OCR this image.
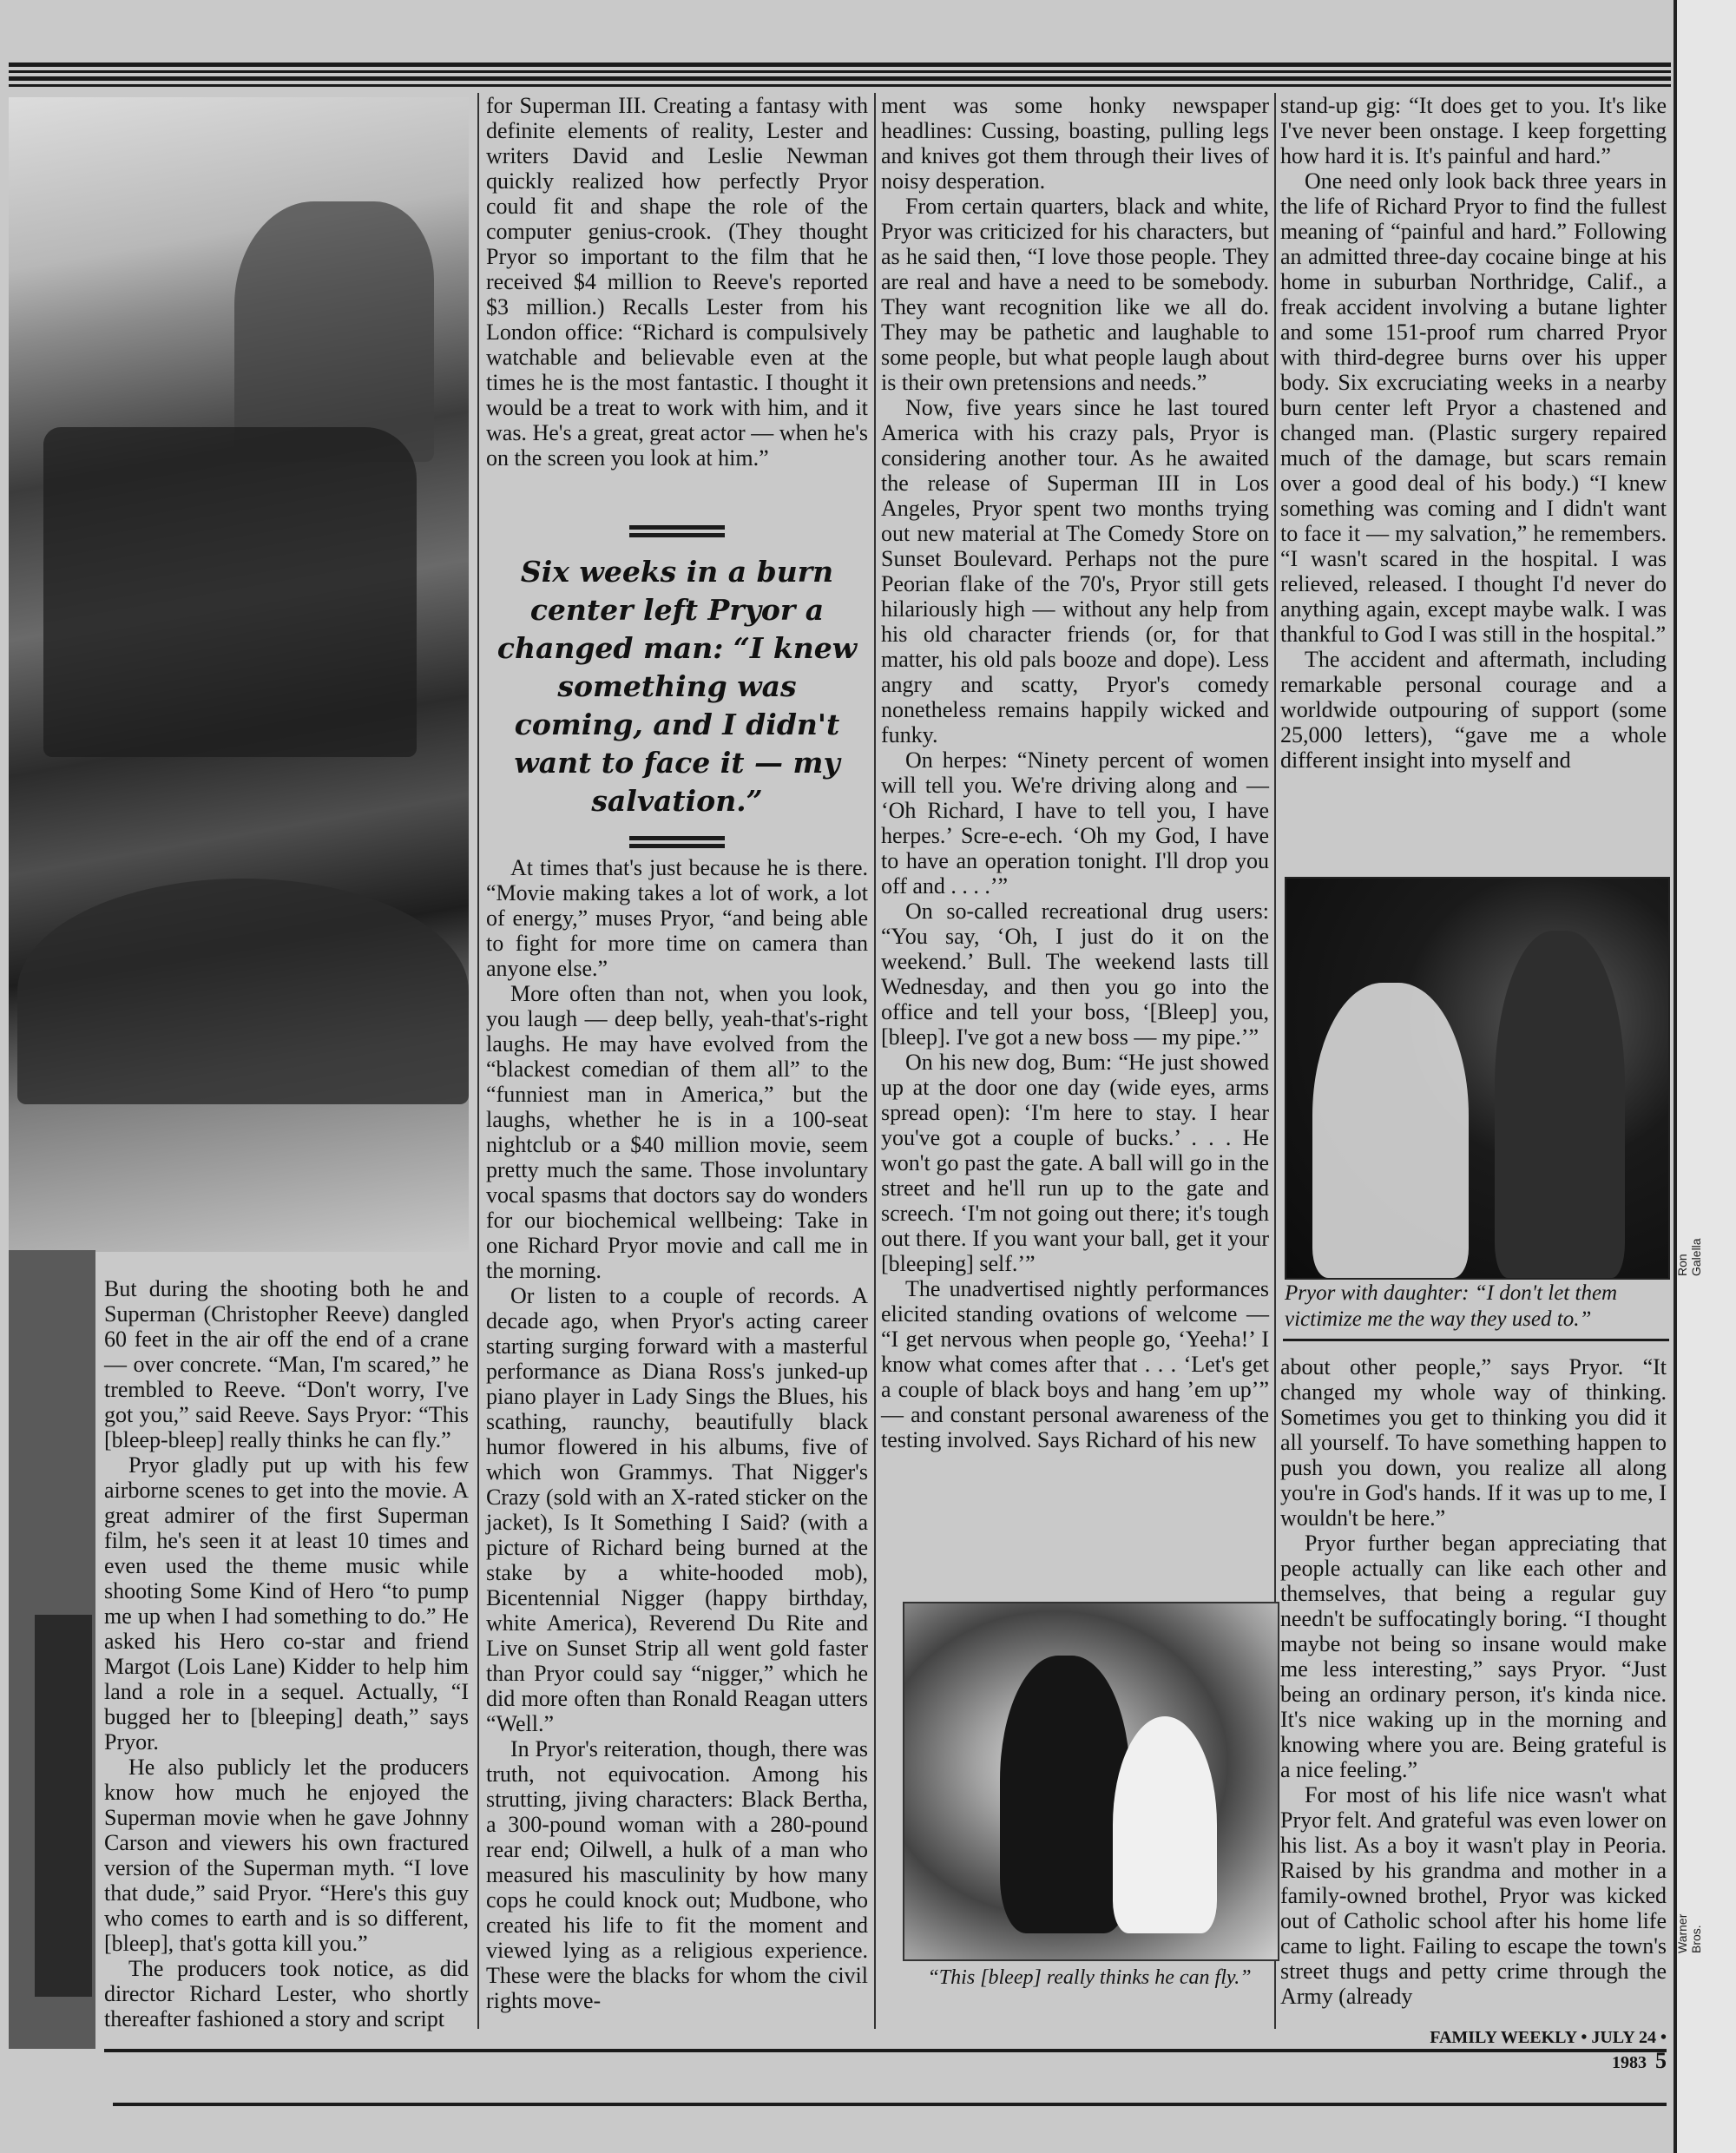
But during the shooting both he and Superman (Christopher Reeve) dangled 60 feet in the air off the end of a crane — over concrete. “Man, I'm scared,” he trembled to Reeve. “Don't worry, I've got you,” said Reeve. Says Pryor: “This [bleep-bleep] really thinks he can fly.”

Pryor gladly put up with his few airborne scenes to get into the movie. A great admirer of the first Superman film, he's seen it at least 10 times and even used the theme music while shooting Some Kind of Hero “to pump me up when I had something to do.” He asked his Hero co-star and friend Margot (Lois Lane) Kidder to help him land a role in a sequel. Actually, “I bugged her to [bleeping] death,” says Pryor.

He also publicly let the producers know how much he enjoyed the Superman movie when he gave Johnny Carson and viewers his own fractured version of the Superman myth. “I love that dude,” said Pryor. “Here's this guy who comes to earth and is so different, [bleep], that's gotta kill you.”

The producers took notice, as did director Richard Lester, who shortly thereafter fashioned a story and script

for Superman III. Creating a fantasy with definite elements of reality, Lester and writers David and Leslie Newman quickly realized how perfectly Pryor could fit and shape the role of the computer genius-crook. (They thought Pryor so important to the film that he received $4 million to Reeve's reported $3 million.) Recalls Lester from his London office: “Richard is compulsively watchable and believable even at the times he is the most fantastic. I thought it would be a treat to work with him, and it was. He's a great, great actor — when he's on the screen you look at him.”

Six weeks in a burn center left Pryor a changed man: “I knew something was coming, and I didn't want to face it — my salvation.”

At times that's just because he is there. “Movie making takes a lot of work, a lot of energy,” muses Pryor, “and being able to fight for more time on camera than anyone else.”

More often than not, when you look, you laugh — deep belly, yeah-that's-right laughs. He may have evolved from the “blackest comedian of them all” to the “funniest man in America,” but the laughs, whether he is in a 100-seat nightclub or a $40 million movie, seem pretty much the same. Those involuntary vocal spasms that doctors say do wonders for our biochemical wellbeing: Take in one Richard Pryor movie and call me in the morning.

Or listen to a couple of records. A decade ago, when Pryor's acting career starting surging forward with a masterful performance as Diana Ross's junked-up piano player in Lady Sings the Blues, his scathing, raunchy, beautifully black humor flowered in his albums, five of which won Grammys. That Nigger's Crazy (sold with an X-rated sticker on the jacket), Is It Something I Said? (with a picture of Richard being burned at the stake by a white-hooded mob), Bicentennial Nigger (happy birthday, white America), Reverend Du Rite and Live on Sunset Strip all went gold faster than Pryor could say “nigger,” which he did more often than Ronald Reagan utters “Well.”

In Pryor's reiteration, though, there was truth, not equivocation. Among his strutting, jiving characters: Black Bertha, a 300-pound woman with a 280-pound rear end; Oilwell, a hulk of a man who measured his masculinity by how many cops he could knock out; Mudbone, who created his life to fit the moment and viewed lying as a religious experience. These were the blacks for whom the civil rights move-

ment was some honky newspaper headlines: Cussing, boasting, pulling legs and knives got them through their lives of noisy desperation.

From certain quarters, black and white, Pryor was criticized for his characters, but as he said then, “I love those people. They are real and have a need to be somebody. They want recognition like we all do. They may be pathetic and laughable to some people, but what people laugh about is their own pretensions and needs.”

Now, five years since he last toured America with his crazy pals, Pryor is considering another tour. As he awaited the release of Superman III in Los Angeles, Pryor spent two months trying out new material at The Comedy Store on Sunset Boulevard. Perhaps not the pure Peorian flake of the 70's, Pryor still gets hilariously high — without any help from his old character friends (or, for that matter, his old pals booze and dope). Less angry and scatty, Pryor's comedy nonetheless remains happily wicked and funky.

On herpes: “Ninety percent of women will tell you. We're driving along and — ‘Oh Richard, I have to tell you, I have herpes.’ Scre-e-ech. ‘Oh my God, I have to have an operation tonight. I'll drop you off and . . . .’”

On so-called recreational drug users: “You say, ‘Oh, I just do it on the weekend.’ Bull. The weekend lasts till Wednesday, and then you go into the office and tell your boss, ‘[Bleep] you, [bleep]. I've got a new boss — my pipe.’”

On his new dog, Bum: “He just showed up at the door one day (wide eyes, arms spread open): ‘I'm here to stay. I hear you've got a couple of bucks.’ . . . He won't go past the gate. A ball will go in the street and he'll run up to the gate and screech. ‘I'm not going out there; it's tough out there. If you want your ball, get it your [bleeping] self.’”

The unadvertised nightly performances elicited standing ovations of welcome — “I get nervous when people go, ‘Yeeha!’ I know what comes after that . . . ‘Let's get a couple of black boys and hang ’em up’” — and constant personal awareness of the testing involved. Says Richard of his new

“This [bleep] really thinks he can fly.”

stand-up gig: “It does get to you. It's like I've never been onstage. I keep forgetting how hard it is. It's painful and hard.”

One need only look back three years in the life of Richard Pryor to find the fullest meaning of “painful and hard.” Following an admitted three-day cocaine binge at his home in suburban Northridge, Calif., a freak accident involving a butane lighter and some 151-proof rum charred Pryor with third-degree burns over his upper body. Six excruciating weeks in a nearby burn center left Pryor a chastened and changed man. (Plastic surgery repaired much of the damage, but scars remain over a good deal of his body.) “I knew something was coming and I didn't want to face it — my salvation,” he remembers. “I wasn't scared in the hospital. I was relieved, released. I thought I'd never do anything again, except maybe walk. I was thankful to God I was still in the hospital.”

The accident and aftermath, including remarkable personal courage and a worldwide outpouring of support (some 25,000 letters), “gave me a whole different insight into myself and

Ron Galella
Pryor with daughter: “I don't let them victimize me the way they used to.”

about other people,” says Pryor. “It changed my whole way of thinking. Sometimes you get to thinking you did it all yourself. To have something happen to push you down, you realize all along you're in God's hands. If it was up to me, I wouldn't be here.”

Pryor further began appreciating that people actually can like each other and themselves, that being a regular guy needn't be suffocatingly boring. “I thought maybe not being so insane would make me less interesting,” says Pryor. “Just being an ordinary person, it's kinda nice. It's nice waking up in the morning and knowing where you are. Being grateful is a nice feeling.”

For most of his life nice wasn't what Pryor felt. And grateful was even lower on his list. As a boy it wasn't play in Peoria. Raised by his grandma and mother in a family-owned brothel, Pryor was kicked out of Catholic school after his home life came to light. Failing to escape the town's street thugs and petty crime through the Army (already

Warner Bros.
FAMILY WEEKLY • JULY 24 • 1983 5
